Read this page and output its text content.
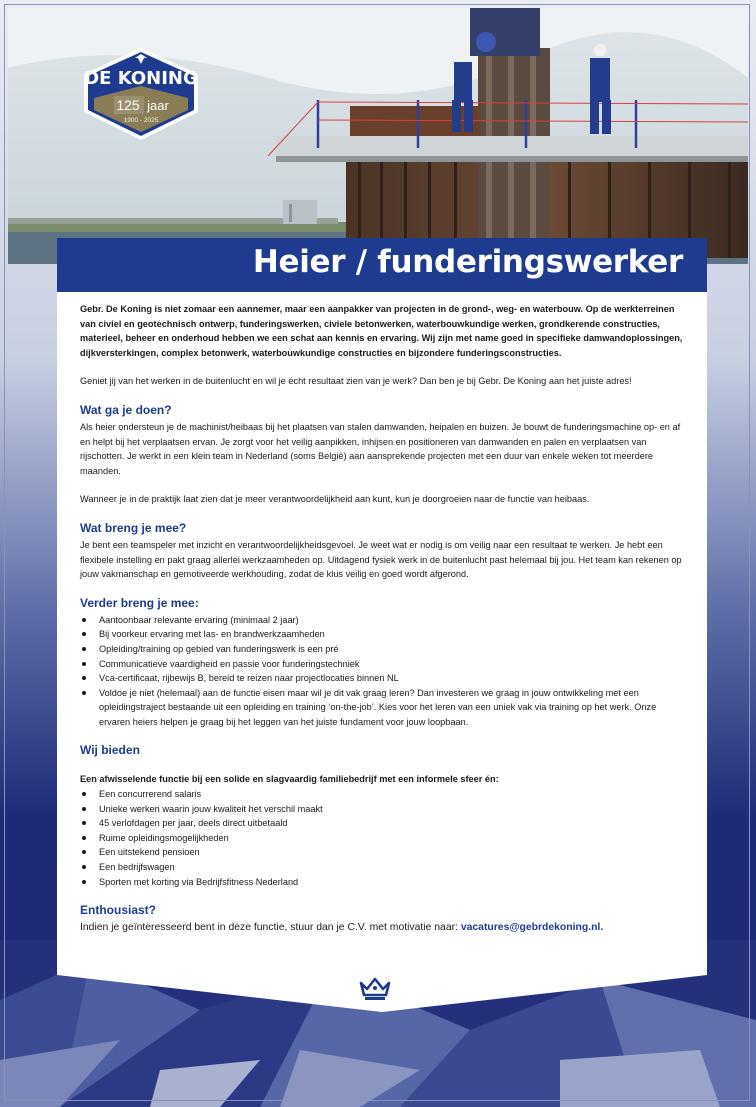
DE KONING
125 jaar
1900 - 2025
Heier / funderingswerker

Gebr. De Koning is niet zomaar een aannemer, maar een aanpakker van projecten in de grond-, weg- en waterbouw. Op de werkterreinen van civiel en geotechnisch ontwerp, funderingswerken, civiele betonwerken, waterbouwkundige werken, grondkerende constructies, materieel, beheer en onderhoud hebben we een schat aan kennis en ervaring. Wij zijn met name goed in specifieke damwandoplossingen, dijkversterkingen, complex betonwerk, waterbouwkundige constructies en bijzondere funderingsconstructies.

Geniet jij van het werken in de buitenlucht en wil je écht resultaat zien van je werk? Dan ben je bij Gebr. De Koning aan het juiste adres!

Wat ga je doen?

Als heier ondersteun je de machinist/heibaas bij het plaatsen van stalen damwanden, heipalen en buizen. Je bouwt de funderingsmachine op- en af en helpt bij het verplaatsen ervan. Je zorgt voor het veilig aanpikken, inhijsen en positioneren van damwanden en palen en verplaatsen van rijschotten. Je werkt in een klein team in Nederland (soms België) aan aansprekende projecten met een duur van enkele weken tot meerdere maanden.

Wanneer je in de praktijk laat zien dat je meer verantwoordelijkheid aan kunt, kun je doorgroeien naar de functie van heibaas.

Wat breng je mee?

Je bent een teamspeler met inzicht en verantwoordelijkheidsgevoel. Je weet wat er nodig is om veilig naar een resultaat te werken. Je hebt een flexibele instelling en pakt graag allerlei werkzaamheden op. Uitdagend fysiek werk in de buitenlucht past helemaal bij jou. Het team kan rekenen op jouw vakmanschap en gemotiveerde werkhouding, zodat de klus veilig en goed wordt afgerond.

Verder breng je mee:
Aantoonbaar relevante ervaring (minimaal 2 jaar)
Bij voorkeur ervaring met las- en brandwerkzaamheden
Opleiding/training op gebied van funderingswerk is een pré
Communicatieve vaardigheid en passie voor funderingstechniek
Vca-certificaat, rijbewijs B, bereid te reizen naar projectlocaties binnen NL
Voldoe je niet (helemaal) aan de functie eisen maar wil je dit vak graag leren? Dan investeren we graag in jouw ontwikkeling met een opleidingstraject bestaande uit een opleiding en training ‘on-the-job’. Kies voor het leren van een uniek vak via training op het werk. Onze ervaren heiers helpen je graag bij het leggen van het juiste fundament voor jouw loopbaan.
Wij bieden

Een afwisselende functie bij een solide en slagvaardig familiebedrijf met een informele sfeer én:

Een concurrerend salaris
Unieke werken waarin jouw kwaliteit het verschil maakt
45 verlofdagen per jaar, deels direct uitbetaald
Ruime opleidingsmogelijkheden
Een uitstekend pensioen
Een bedrijfswagen
Sporten met korting via Bedrijfsfitness Nederland
Enthousiast?

Indien je geïnteresseerd bent in deze functie, stuur dan je C.V. met motivatie naar: vacatures@gebrdekoning.nl.
